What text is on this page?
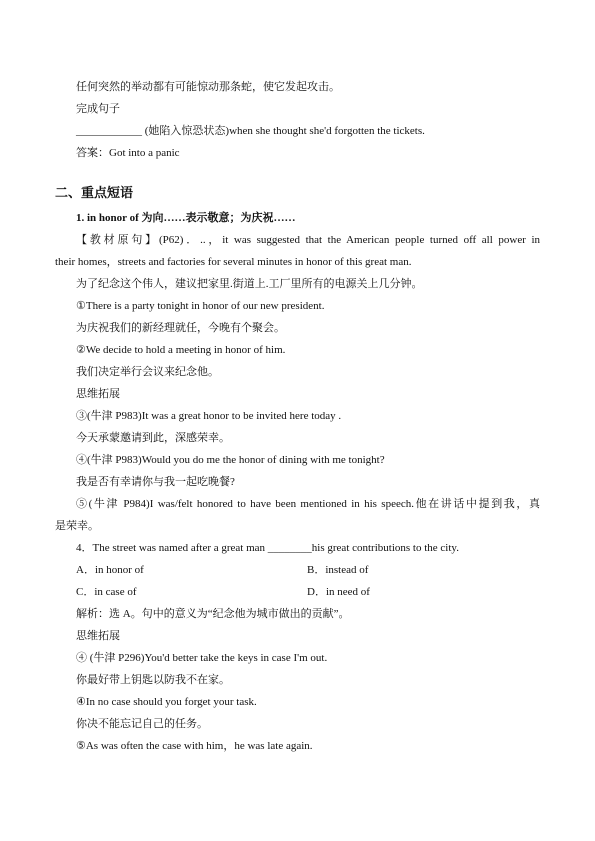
任何突然的举动都有可能惊动那条蛇，使它发起攻击。
完成句子
____________ (她陷入惊恐状态)when she thought she'd forgotten the tickets.
答案：Got into a panic
二、重点短语
1. in honor of 为向……表示敬意；为庆祝……
【教材原句】(P62)．..，it was suggested that the American people turned off all power in
their homes，streets and factories for several minutes in honor of this great man.
为了纪念这个伟人，建议把家里.街道上.工厂里所有的电源关上几分钟。
①There is a party tonight in honor of our new president.
为庆祝我们的新经理就任，今晚有个聚会。
②We decide to hold a meeting in honor of him.
我们决定举行会议来纪念他。
思维拓展
③(牛津 P983)It was a great honor to be invited here today .
今天承蒙邀请到此，深感荣幸。
④(牛津 P983)Would you do me the honor of dining with me tonight?
我是否有幸请你与我一起吃晚餐?
⑤(牛津 P984)I was/felt honored to have been mentioned in his speech.他在讲话中提到我，真
是荣幸。
4．The street was named after a great man ________his great contributions to the city.
A．in honor of	B．instead of
C．in case of	D．in need of
解析：选 A。句中的意义为“纪念他为城市做出的贡献”。
思维拓展
④ (牛津 P296)You'd better take the keys in case I'm out.
你最好带上钥匙以防我不在家。
④In no case should you forget your task.
你决不能忘记自己的任务。
⑤As was often the case with him，he was late again.
